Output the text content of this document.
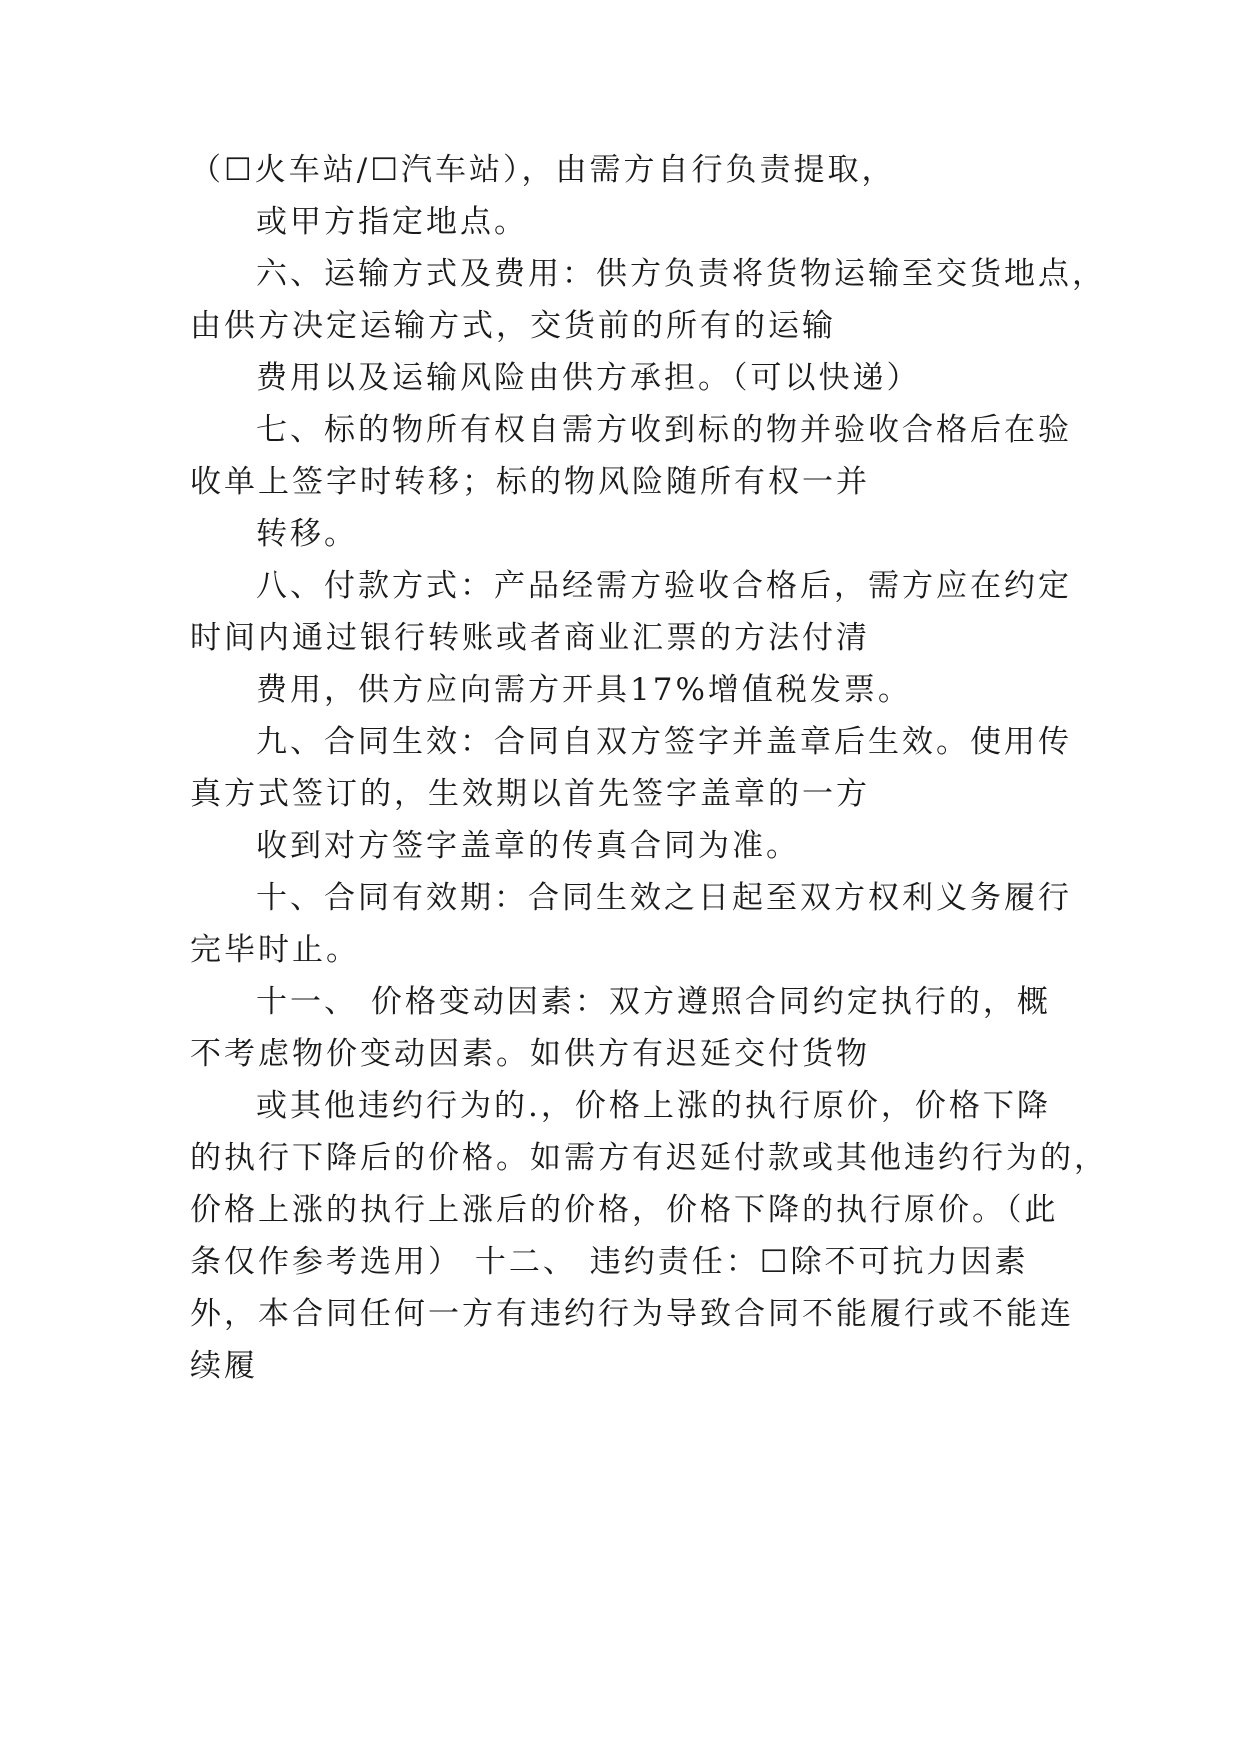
（☐火车站/☐汽车站），由需方自行负责提取，
或甲方指定地点。
六、运输方式及费用：供方负责将货物运输至交货地点，
由供方决定运输方式，交货前的所有的运输
费用以及运输风险由供方承担。（可以快递）
七、标的物所有权自需方收到标的物并验收合格后在验
收单上签字时转移；标的物风险随所有权一并
转移。
八、付款方式：产品经需方验收合格后，需方应在约定
时间内通过银行转账或者商业汇票的方法付清
费用，供方应向需方开具17%增值税发票。
九、合同生效：合同自双方签字并盖章后生效。使用传
真方式签订的，生效期以首先签字盖章的一方
收到对方签字盖章的传真合同为准。
十、合同有效期：合同生效之日起至双方权利义务履行
完毕时止。
十一、 价格变动因素：双方遵照合同约定执行的，概
不考虑物价变动因素。如供方有迟延交付货物
或其他违约行为的.，价格上涨的执行原价，价格下降
的执行下降后的价格。如需方有迟延付款或其他违约行为的，
价格上涨的执行上涨后的价格，价格下降的执行原价。（此
条仅作参考选用） 十二、 违约责任：☐除不可抗力因素
外，本合同任何一方有违约行为导致合同不能履行或不能连
续履
